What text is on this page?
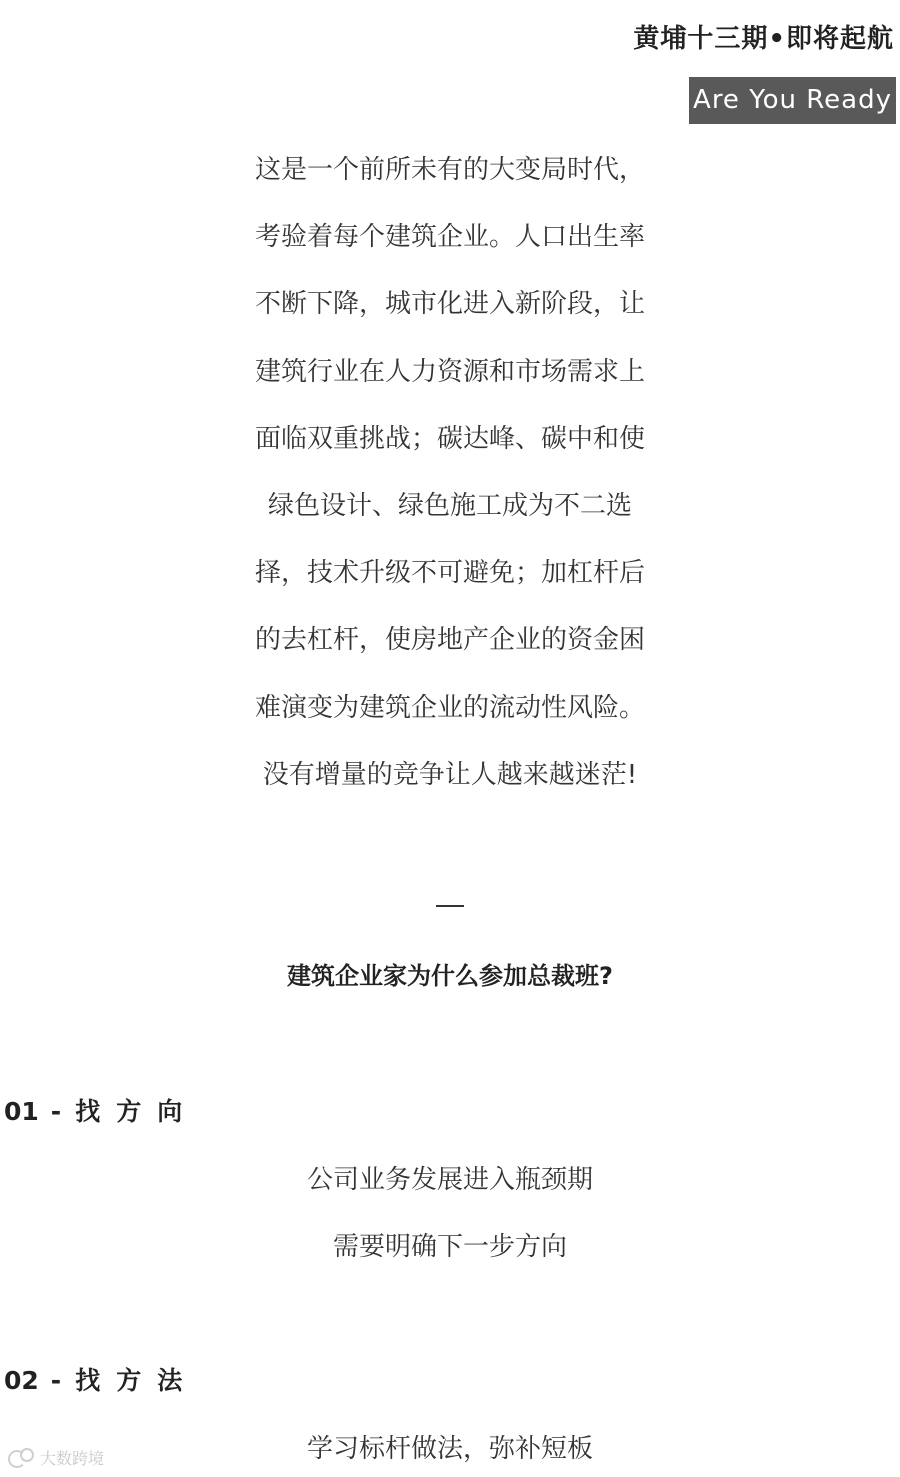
黄埔十三期•即将起航
Are You Ready
这是一个前所未有的大变局时代，
考验着每个建筑企业。人口出生率
不断下降，城市化进入新阶段，让
建筑行业在人力资源和市场需求上
面临双重挑战；碳达峰、碳中和使
绿色设计、绿色施工成为不二选
择，技术升级不可避免；加杠杆后
的去杠杆，使房地产企业的资金困
难演变为建筑企业的流动性风险。
没有增量的竞争让人越来越迷茫!
建筑企业家为什么参加总裁班?
01 - 找方向
公司业务发展进入瓶颈期
需要明确下一步方向
02 - 找方法
学习标杆做法，弥补短板
大数跨境
